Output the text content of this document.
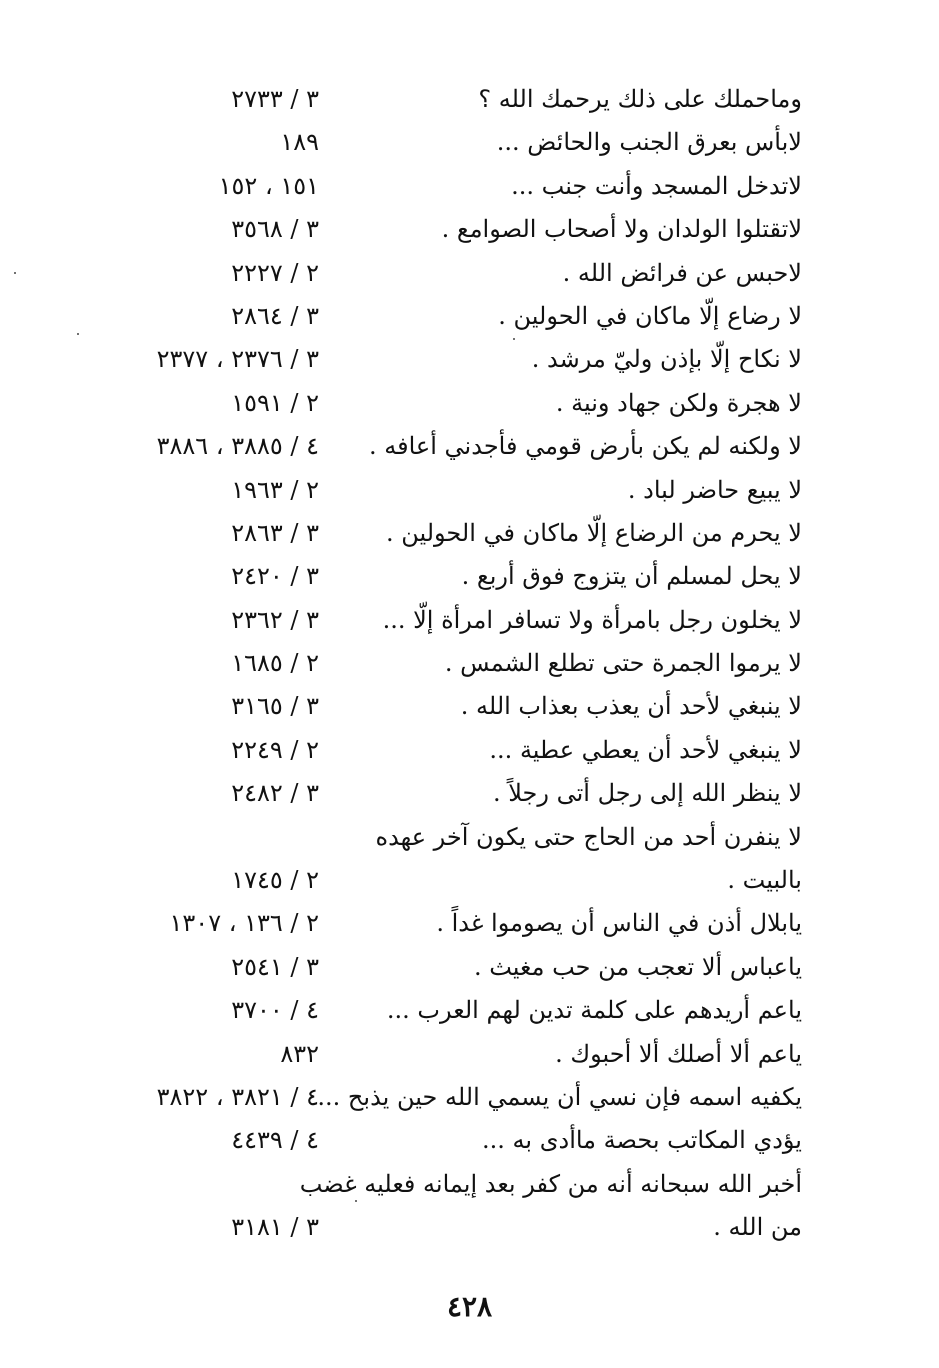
وماحملك على ذلك يرحمك الله ؟
٣ / ٢٧٣٣
لابأس بعرق الجنب والحائض ...
١٨٩
لاتدخل المسجد وأنت جنب ...
١٥١ ، ١٥٢
لاتقتلوا الولدان ولا أصحاب الصوامع .
٣ / ٣٥٦٨
لاحبس عن فرائض الله .
٢ / ٢٢٢٧
لا رضاع إلّا ماكان في الحولين .
٣ / ٢٨٦٤
لا نكاح إلّا بإذن وليّ مرشد .
٣ / ٢٣٧٦ ، ٢٣٧٧
لا هجرة ولكن جهاد ونية .
٢ / ١٥٩١
لا ولكنه لم يكن بأرض قومي فأجدني أعافه .
٤ / ٣٨٨٥ ، ٣٨٨٦
لا يبيع حاضر لباد .
٢ / ١٩٦٣
لا يحرم من الرضاع إلّا ماكان في الحولين .
٣ / ٢٨٦٣
لا يحل لمسلم أن يتزوج فوق أربع .
٣ / ٢٤٢٠
لا يخلون رجل بامرأة ولا تسافر امرأة إلّا ...
٣ / ٢٣٦٢
لا يرموا الجمرة حتى تطلع الشمس .
٢ / ١٦٨٥
لا ينبغي لأحد أن يعذب بعذاب الله .
٣ / ٣١٦٥
لا ينبغي لأحد أن يعطي عطية ...
٢ / ٢٢٤٩
لا ينظر الله إلى رجل أتى رجلاً .
٣ / ٢٤٨٢
لا ينفرن أحد من الحاج حتى يكون آخر عهده
بالبيت .
٢ / ١٧٤٥
يابلال أذن في الناس أن يصوموا غداً .
٢ / ١٣٦ ، ١٣٠٧
ياعباس ألا تعجب من حب مغيث .
٣ / ٢٥٤١
ياعم أريدهم على كلمة تدين لهم العرب ...
٤ / ٣٧٠٠
ياعم ألا أصلك ألا أحبوك .
٨٣٢
يكفيه اسمه فإن نسي أن يسمي الله حين يذبح ...
٤ / ٣٨٢١ ، ٣٨٢٢
يؤدي المكاتب بحصة ماأدى به ...
٤ / ٤٤٣٩
أخبر الله سبحانه أنه من كفر بعد إيمانه فعليه غضب
من الله .
٣ / ٣١٨١
٤٢٨
